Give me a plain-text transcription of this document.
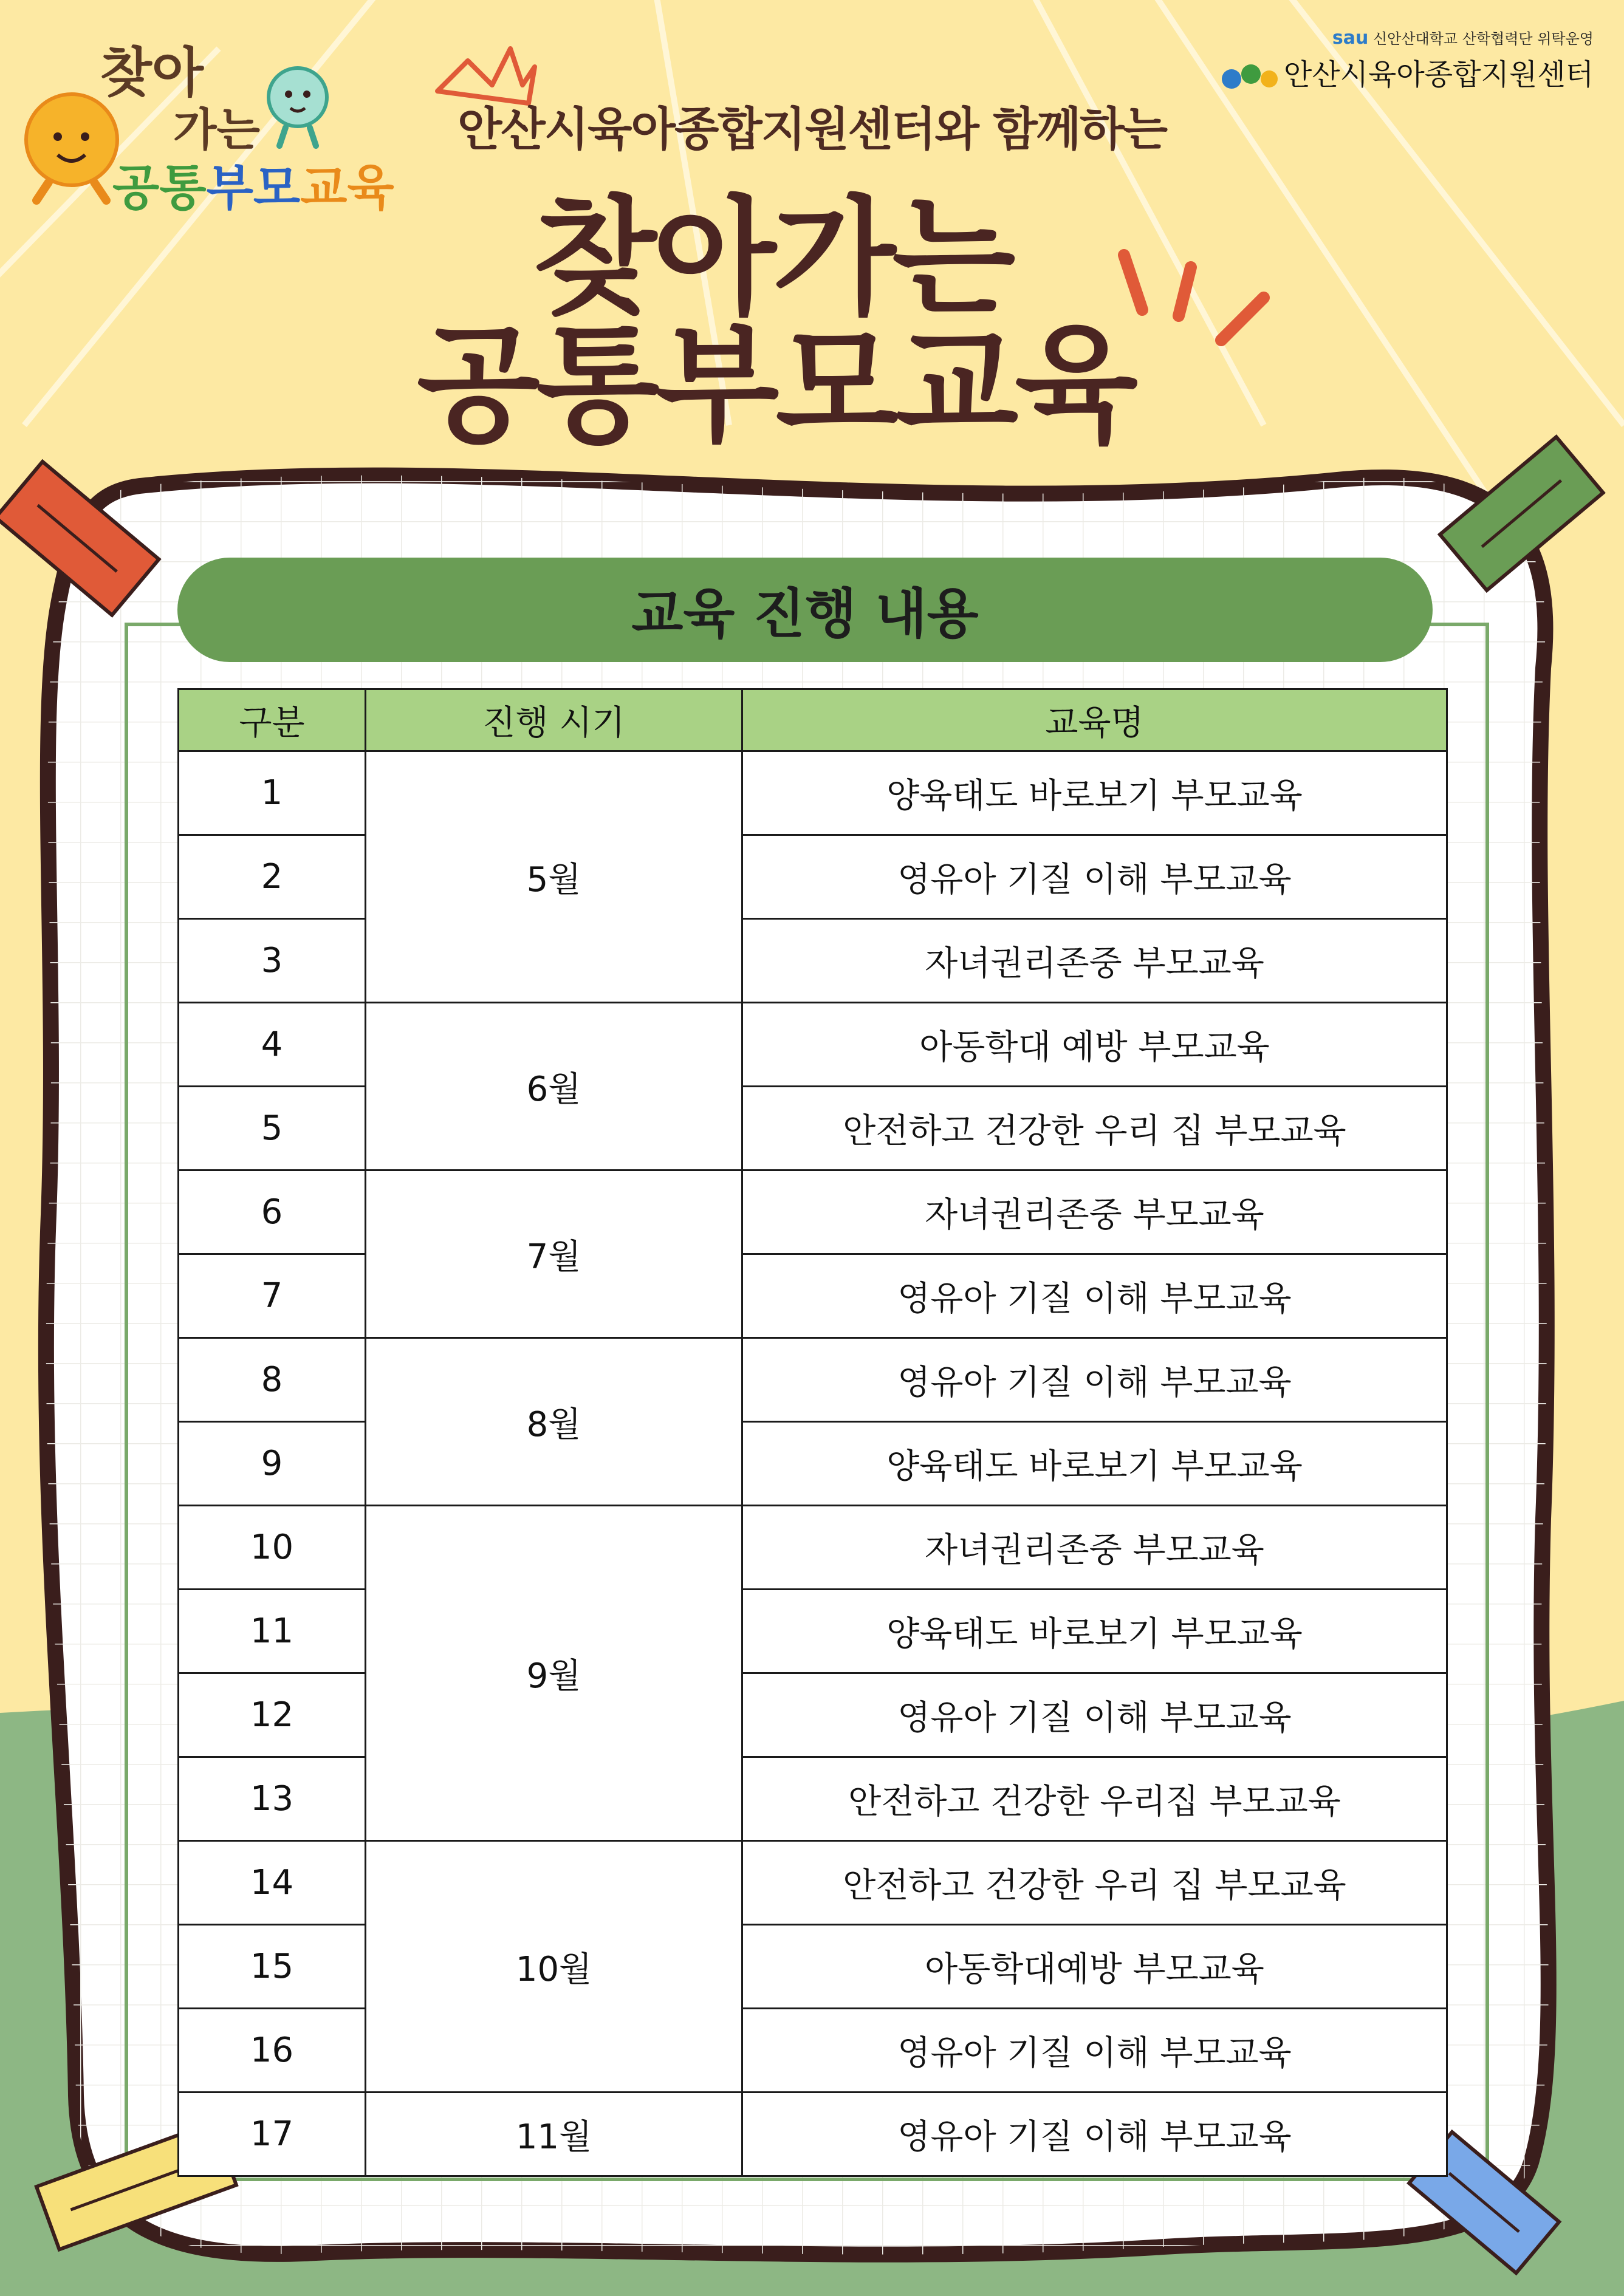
찾아
가는
공통부모교육
sau 신안산대학교 산학협력단 위탁운영
안산시육아종합지원센터
안산시육아종합지원센터와 함께하는
찾아가는
공통부모교육
교육 진행 내용
구분	진행 시기	교육명
1	5월	양육태도 바로보기 부모교육
2		영유아 기질 이해 부모교육
3		자녀권리존중 부모교육
4	6월	아동학대 예방 부모교육
5		안전하고 건강한 우리 집 부모교육
6	7월	자녀권리존중 부모교육
7		영유아 기질 이해 부모교육
8	8월	영유아 기질 이해 부모교육
9		양육태도 바로보기 부모교육
10	9월	자녀권리존중 부모교육
11		양육태도 바로보기 부모교육
12		영유아 기질 이해 부모교육
13		안전하고 건강한 우리집 부모교육
14	10월	안전하고 건강한 우리 집 부모교육
15		아동학대예방 부모교육
16		영유아 기질 이해 부모교육
17	11월	영유아 기질 이해 부모교육
